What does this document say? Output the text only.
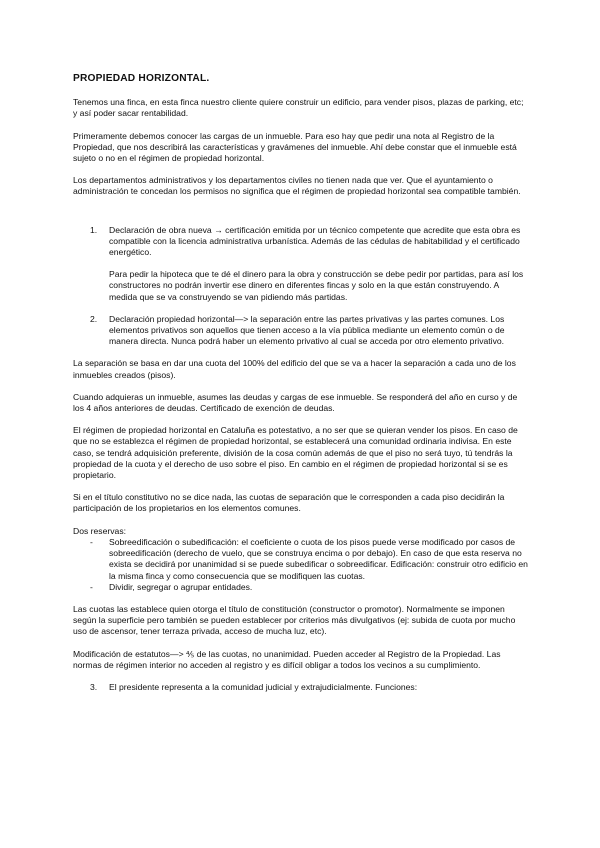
PROPIEDAD HORIZONTAL.

Tenemos una finca, en esta finca nuestro cliente quiere construir un edificio, para vender pisos, plazas de parking, etc; y así poder sacar rentabilidad.

Primeramente debemos conocer las cargas de un inmueble. Para eso hay que pedir una nota al Registro de la Propiedad, que nos describirá las características y gravámenes del inmueble. Ahí debe constar que el inmueble está sujeto o no en el régimen de propiedad horizontal.

Los departamentos administrativos y los departamentos civiles no tienen nada que ver. Que el ayuntamiento o administración te concedan los permisos no significa que el régimen de propiedad horizontal sea compatible también.

1. Declaración de obra nueva → certificación emitida por un técnico competente que acredite que esta obra es compatible con la licencia administrativa urbanística. Además de las cédulas de habitabilidad y el certificado energético.
Para pedir la hipoteca que te dé el dinero para la obra y construcción se debe pedir por partidas, para así los constructores no podrán invertir ese dinero en diferentes fincas y solo en la que están construyendo. A medida que se va construyendo se van pidiendo más partidas.
2. Declaración propiedad horizontal—> la separación entre las partes privativas y las partes comunes. Los elementos privativos son aquellos que tienen acceso a la vía pública mediante un elemento común o de manera directa. Nunca podrá haber un elemento privativo al cual se acceda por otro elemento privativo.

La separación se basa en dar una cuota del 100% del edificio del que se va a hacer la separación a cada uno de los inmuebles creados (pisos).

Cuando adquieras un inmueble, asumes las deudas y cargas de ese inmueble. Se responderá del año en curso y de los 4 años anteriores de deudas. Certificado de exención de deudas.

El régimen de propiedad horizontal en Cataluña es potestativo, a no ser que se quieran vender los pisos. En caso de que no se establezca el régimen de propiedad horizontal, se establecerá una comunidad ordinaria indivisa. En este caso, se tendrá adquisición preferente, división de la cosa común además de que el piso no será tuyo, tú tendrás la propiedad de la cuota y el derecho de uso sobre el piso. En cambio en el régimen de propiedad horizontal si se es propietario.

Si en el título constitutivo no se dice nada, las cuotas de separación que le corresponden a cada piso decidirán la participación de los propietarios en los elementos comunes.

Dos reservas:
- Sobreedificación o subedificación: el coeficiente o cuota de los pisos puede verse modificado por casos de sobreedificación (derecho de vuelo, que se construya encima o por debajo). En caso de que esta reserva no exista se decidirá por unanimidad si se puede subedificar o sobreedificar. Edificación: construir otro edificio en la misma finca y como consecuencia que se modifiquen las cuotas.
- Dividir, segregar o agrupar entidades.

Las cuotas las establece quien otorga el título de constitución (constructor o promotor). Normalmente se imponen según la superficie pero también se pueden establecer por criterios más divulgativos (ej: subida de cuota por mucho uso de ascensor, tener terraza privada, acceso de mucha luz, etc).

Modificación de estatutos—> ⅘ de las cuotas, no unanimidad. Pueden acceder al Registro de la Propiedad. Las normas de régimen interior no acceden al registro y es difícil obligar a todos los vecinos a su cumplimiento.

3. El presidente representa a la comunidad judicial y extrajudicialmente. Funciones:
